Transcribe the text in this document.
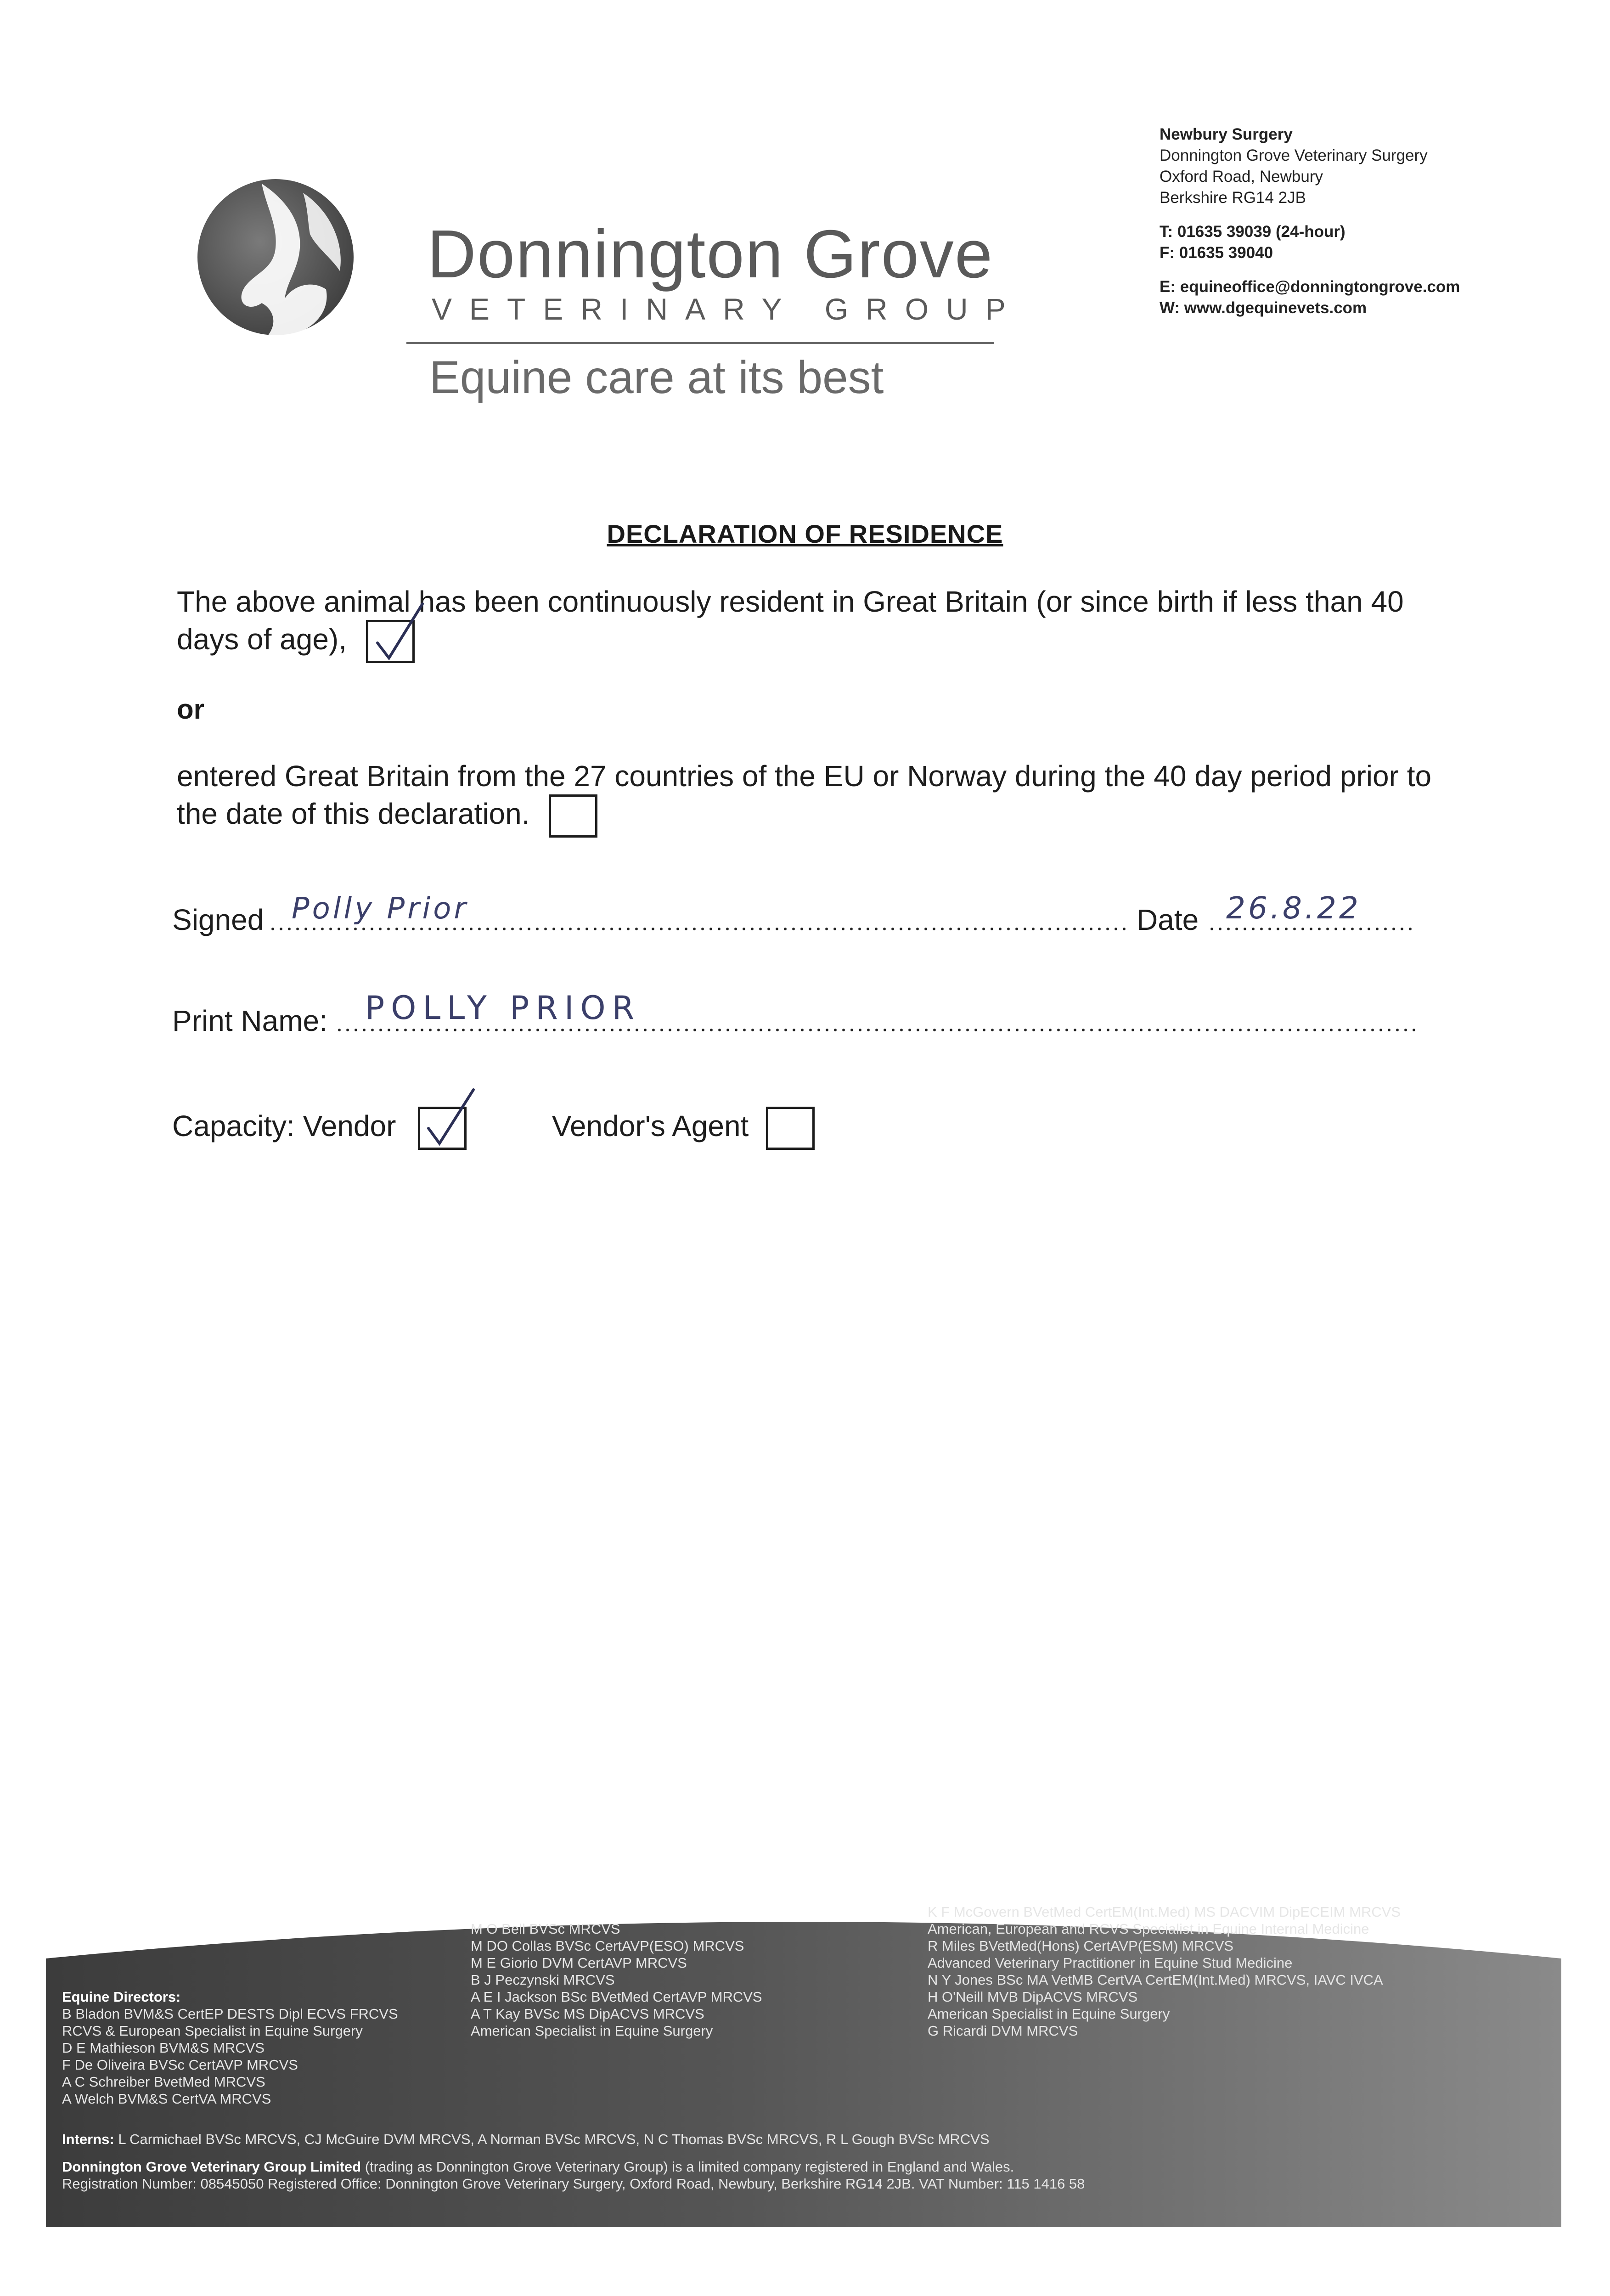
Donnington Grove
VETERINARY GROUP
Equine care at its best
Newbury Surgery
Donnington Grove Veterinary Surgery
Oxford Road, Newbury
Berkshire RG14 2JB
T: 01635 39039 (24-hour)
F: 01635 39040
E: equineoffice@donningtongrove.com
W: www.dgequinevets.com
DECLARATION OF RESIDENCE
The above animal has been continuously resident in Great Britain (or since birth if less than 40 days of age),
or
entered Great Britain from the 27 countries of the EU or Norway during the 40 day period prior to the date of this declaration.
Signed Polly Prior	Date 26.8.22
Print Name: POLLY PRIOR
Capacity: Vendor	Vendor's Agent
Equine Directors:
B Bladon BVM&S CertEP DESTS Dipl ECVS FRCVS
RCVS & European Specialist in Equine Surgery
D E Mathieson BVM&S MRCVS
F De Oliveira BVSc CertAVP MRCVS
A C Schreiber BvetMed MRCVS
A Welch BVM&S CertVA MRCVS
Associates:
M O Bell BVSc MRCVS
M DO Collas BVSc CertAVP(ESO) MRCVS
M E Giorio DVM CertAVP MRCVS
B J Peczynski MRCVS
A E I Jackson BSc BVetMed CertAVP MRCVS
A T Kay BVSc MS DipACVS MRCVS
American Specialist in Equine Surgery
K F McGovern BVetMed CertEM(Int.Med) MS DACVIM DipECEIM MRCVS
American, European and RCVS Specialist in Equine Internal Medicine
R Miles BVetMed(Hons) CertAVP(ESM) MRCVS
Advanced Veterinary Practitioner in Equine Stud Medicine
N Y Jones BSc MA VetMB CertVA CertEM(Int.Med) MRCVS, IAVC IVCA
H O'Neill MVB DipACVS MRCVS
American Specialist in Equine Surgery
G Ricardi DVM MRCVS
Interns: L Carmichael BVSc MRCVS, CJ McGuire DVM MRCVS, A Norman BVSc MRCVS, N C Thomas BVSc MRCVS, R L Gough BVSc MRCVS
Donnington Grove Veterinary Group Limited (trading as Donnington Grove Veterinary Group) is a limited company registered in England and Wales.
Registration Number: 08545050 Registered Office: Donnington Grove Veterinary Surgery, Oxford Road, Newbury, Berkshire RG14 2JB. VAT Number: 115 1416 58
